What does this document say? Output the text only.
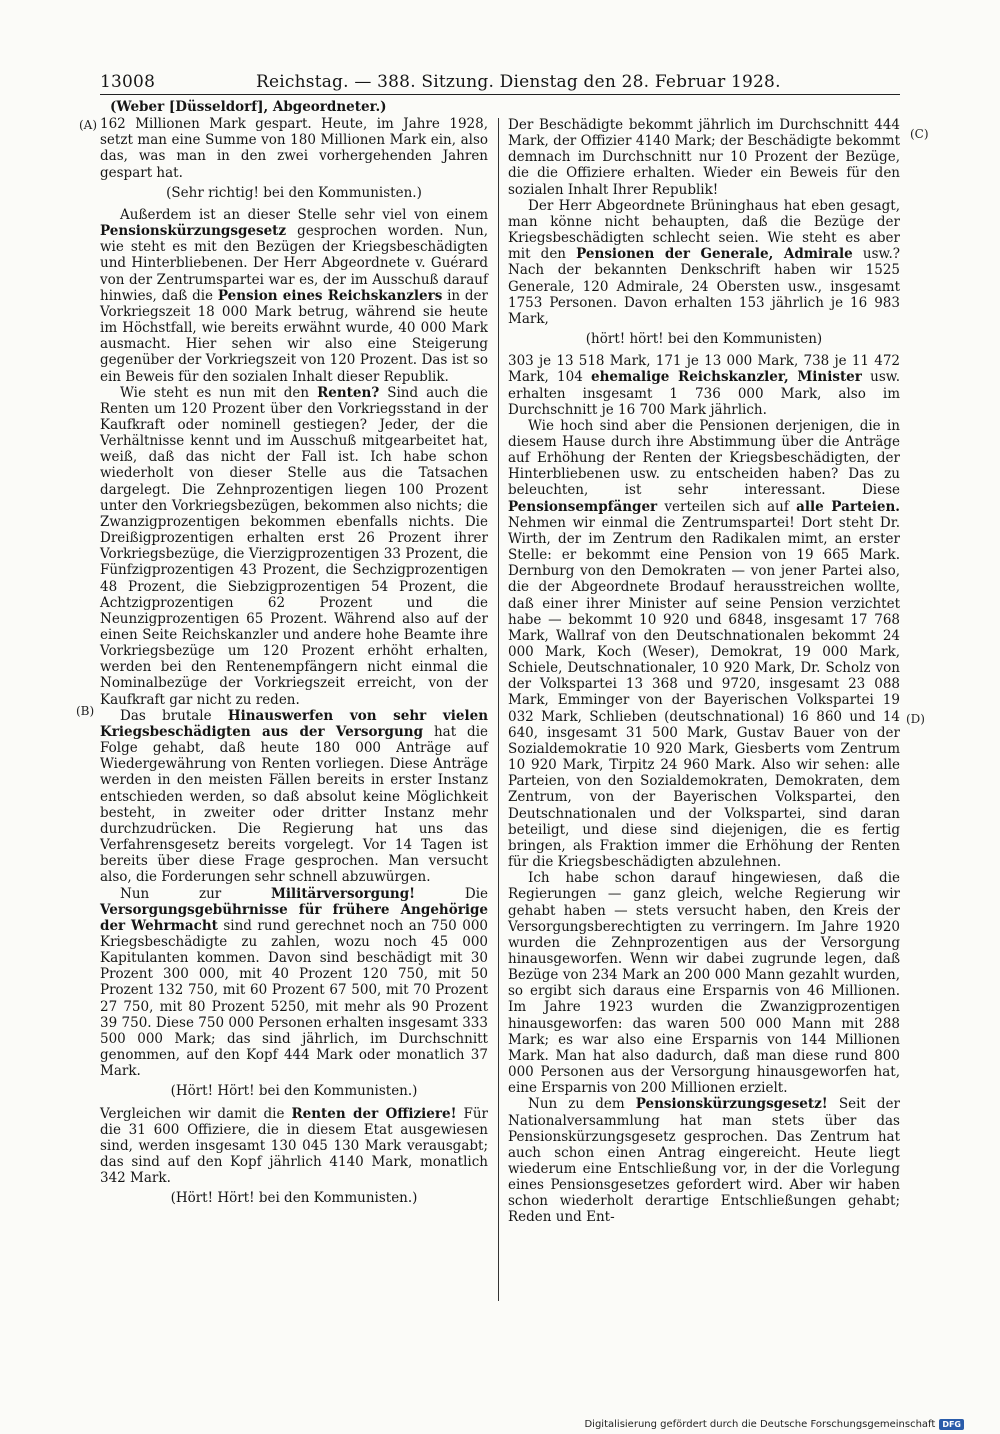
13008	Reichstag. — 388. Sitzung. Dienstag den 28. Februar 1928.
(A)
(B)
(C)
(D)

(Weber [Düsseldorf], Abgeordneter.)

162 Millionen Mark gespart. Heute, im Jahre 1928, setzt man eine Summe von 180 Millionen Mark ein, also das, was man in den zwei vorhergehenden Jahren gespart hat.

(Sehr richtig! bei den Kommunisten.)

Außerdem ist an dieser Stelle sehr viel von einem Pensionskürzungsgesetz gesprochen worden. Nun, wie steht es mit den Bezügen der Kriegsbeschädigten und Hinterbliebenen. Der Herr Abgeordnete v. Guérard von der Zentrumspartei war es, der im Ausschuß darauf hinwies, daß die Pension eines Reichskanzlers in der Vorkriegszeit 18 000 Mark betrug, während sie heute im Höchstfall, wie bereits erwähnt wurde, 40 000 Mark ausmacht. Hier sehen wir also eine Steigerung gegenüber der Vorkriegszeit von 120 Prozent. Das ist so ein Beweis für den sozialen Inhalt dieser Republik.

Wie steht es nun mit den Renten? Sind auch die Renten um 120 Prozent über den Vorkriegsstand in der Kaufkraft oder nominell gestiegen? Jeder, der die Verhältnisse kennt und im Ausschuß mitgearbeitet hat, weiß, daß das nicht der Fall ist. Ich habe schon wiederholt von dieser Stelle aus die Tatsachen dargelegt. Die Zehnprozentigen liegen 100 Prozent unter den Vorkriegsbezügen, bekommen also nichts; die Zwanzigprozentigen bekommen ebenfalls nichts. Die Dreißigprozentigen erhalten erst 26 Prozent ihrer Vorkriegsbezüge, die Vierzigprozentigen 33 Prozent, die Fünfzigprozentigen 43 Prozent, die Sechzigprozentigen 48 Prozent, die Siebzigprozentigen 54 Prozent, die Achtzigprozentigen 62 Prozent und die Neunzigprozentigen 65 Prozent. Während also auf der einen Seite Reichskanzler und andere hohe Beamte ihre Vorkriegsbezüge um 120 Prozent erhöht erhalten, werden bei den Rentenempfängern nicht einmal die Nominalbezüge der Vorkriegszeit erreicht, von der Kaufkraft gar nicht zu reden.

Das brutale Hinauswerfen von sehr vielen Kriegsbeschädigten aus der Versorgung hat die Folge gehabt, daß heute 180 000 Anträge auf Wiedergewährung von Renten vorliegen. Diese Anträge werden in den meisten Fällen bereits in erster Instanz entschieden werden, so daß absolut keine Möglichkeit besteht, in zweiter oder dritter Instanz mehr durchzudrücken. Die Regierung hat uns das Verfahrensgesetz bereits vorgelegt. Vor 14 Tagen ist bereits über diese Frage gesprochen. Man versucht also, die Forderungen sehr schnell abzuwürgen.

Nun zur Militärversorgung! Die Versorgungsgebührnisse für frühere Angehörige der Wehrmacht sind rund gerechnet noch an 750 000 Kriegsbeschädigte zu zahlen, wozu noch 45 000 Kapitulanten kommen. Davon sind beschädigt mit 30 Prozent 300 000, mit 40 Prozent 120 750, mit 50 Prozent 132 750, mit 60 Prozent 67 500, mit 70 Prozent 27 750, mit 80 Prozent 5250, mit mehr als 90 Prozent 39 750. Diese 750 000 Personen erhalten insgesamt 333 500 000 Mark; das sind jährlich, im Durchschnitt genommen, auf den Kopf 444 Mark oder monatlich 37 Mark.

(Hört! Hört! bei den Kommunisten.)

Vergleichen wir damit die Renten der Offiziere! Für die 31 600 Offiziere, die in diesem Etat ausgewiesen sind, werden insgesamt 130 045 130 Mark verausgabt; das sind auf den Kopf jährlich 4140 Mark, monatlich 342 Mark.

(Hört! Hört! bei den Kommunisten.)

Der Beschädigte bekommt jährlich im Durchschnitt 444 Mark, der Offizier 4140 Mark; der Beschädigte bekommt demnach im Durchschnitt nur 10 Prozent der Bezüge, die die Offiziere erhalten. Wieder ein Beweis für den sozialen Inhalt Ihrer Republik!

Der Herr Abgeordnete Brüninghaus hat eben gesagt, man könne nicht behaupten, daß die Bezüge der Kriegsbeschädigten schlecht seien. Wie steht es aber mit den Pensionen der Generale, Admirale usw.? Nach der bekannten Denkschrift haben wir 1525 Generale, 120 Admirale, 24 Obersten usw., insgesamt 1753 Personen. Davon erhalten 153 jährlich je 16 983 Mark,

(hört! hört! bei den Kommunisten)

303 je 13 518 Mark, 171 je 13 000 Mark, 738 je 11 472 Mark, 104 ehemalige Reichskanzler, Minister usw. erhalten insgesamt 1 736 000 Mark, also im Durchschnitt je 16 700 Mark jährlich.

Wie hoch sind aber die Pensionen derjenigen, die in diesem Hause durch ihre Abstimmung über die Anträge auf Erhöhung der Renten der Kriegsbeschädigten, der Hinterbliebenen usw. zu entscheiden haben? Das zu beleuchten, ist sehr interessant. Diese Pensionsempfänger verteilen sich auf alle Parteien. Nehmen wir einmal die Zentrumspartei! Dort steht Dr. Wirth, der im Zentrum den Radikalen mimt, an erster Stelle: er bekommt eine Pension von 19 665 Mark. Dernburg von den Demokraten — von jener Partei also, die der Abgeordnete Brodauf herausstreichen wollte, daß einer ihrer Minister auf seine Pension verzichtet habe — bekommt 10 920 und 6848, insgesamt 17 768 Mark, Wallraf von den Deutschnationalen bekommt 24 000 Mark, Koch (Weser), Demokrat, 19 000 Mark, Schiele, Deutschnationaler, 10 920 Mark, Dr. Scholz von der Volkspartei 13 368 und 9720, insgesamt 23 088 Mark, Emminger von der Bayerischen Volkspartei 19 032 Mark, Schlieben (deutschnational) 16 860 und 14 640, insgesamt 31 500 Mark, Gustav Bauer von der Sozialdemokratie 10 920 Mark, Giesberts vom Zentrum 10 920 Mark, Tirpitz 24 960 Mark. Also wir sehen: alle Parteien, von den Sozialdemokraten, Demokraten, dem Zentrum, von der Bayerischen Volkspartei, den Deutschnationalen und der Volkspartei, sind daran beteiligt, und diese sind diejenigen, die es fertig bringen, als Fraktion immer die Erhöhung der Renten für die Kriegsbeschädigten abzulehnen.

Ich habe schon darauf hingewiesen, daß die Regierungen — ganz gleich, welche Regierung wir gehabt haben — stets versucht haben, den Kreis der Versorgungsberechtigten zu verringern. Im Jahre 1920 wurden die Zehnprozentigen aus der Versorgung hinausgeworfen. Wenn wir dabei zugrunde legen, daß Bezüge von 234 Mark an 200 000 Mann gezahlt wurden, so ergibt sich daraus eine Ersparnis von 46 Millionen. Im Jahre 1923 wurden die Zwanzigprozentigen hinausgeworfen: das waren 500 000 Mann mit 288 Mark; es war also eine Ersparnis von 144 Millionen Mark. Man hat also dadurch, daß man diese rund 800 000 Personen aus der Versorgung hinausgeworfen hat, eine Ersparnis von 200 Millionen erzielt.

Nun zu dem Pensionskürzungsgesetz! Seit der Nationalversammlung hat man stets über das Pensionskürzungsgesetz gesprochen. Das Zentrum hat auch schon einen Antrag eingereicht. Heute liegt wiederum eine Entschließung vor, in der die Vorlegung eines Pensionsgesetzes gefordert wird. Aber wir haben schon wiederholt derartige Entschließungen gehabt; Reden und Ent-

Digitalisierung gefördert durch die Deutsche Forschungsgemeinschaft DFG
